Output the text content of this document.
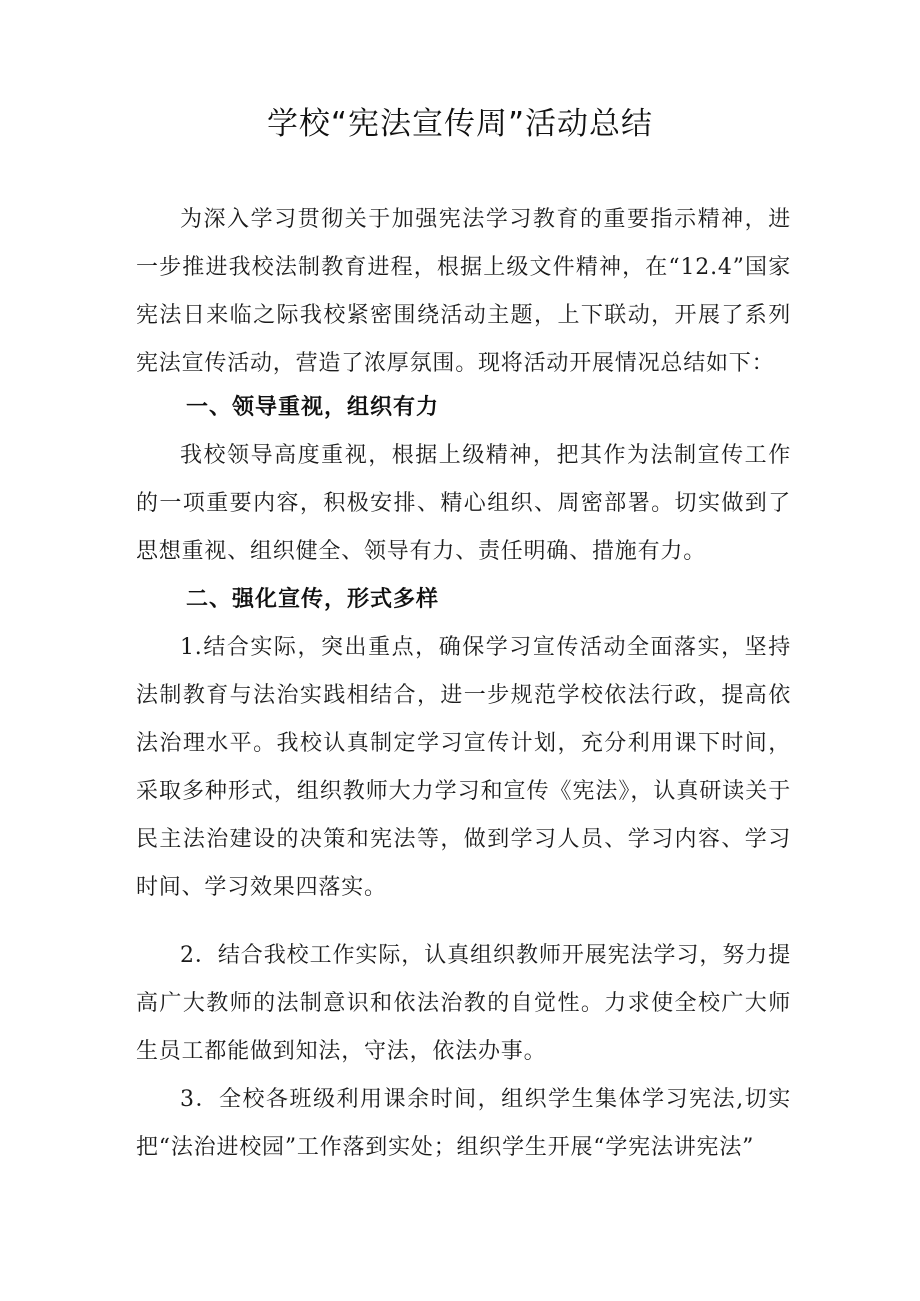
学校“宪法宣传周”活动总结

为深入学习贯彻关于加强宪法学习教育的重要指示精神，进一步推进我校法制教育进程，根据上级文件精神，在“12.4”国家宪法日来临之际我校紧密围绕活动主题，上下联动，开展了系列宪法宣传活动，营造了浓厚氛围。现将活动开展情况总结如下：

一、领导重视，组织有力

我校领导高度重视，根据上级精神，把其作为法制宣传工作的一项重要内容，积极安排、精心组织、周密部署。切实做到了思想重视、组织健全、领导有力、责任明确、措施有力。

二、强化宣传，形式多样

1.结合实际，突出重点，确保学习宣传活动全面落实，坚持法制教育与法治实践相结合，进一步规范学校依法行政，提高依法治理水平。我校认真制定学习宣传计划，充分利用课下时间，采取多种形式，组织教师大力学习和宣传《宪法》，认真研读关于民主法治建设的决策和宪法等，做到学习人员、学习内容、学习时间、学习效果四落实。

2．结合我校工作实际，认真组织教师开展宪法学习，努力提高广大教师的法制意识和依法治教的自觉性。力求使全校广大师生员工都能做到知法，守法，依法办事。

3．全校各班级利用课余时间，组织学生集体学习宪法,切实把“法治进校园”工作落到实处；组织学生开展“学宪法讲宪法”
